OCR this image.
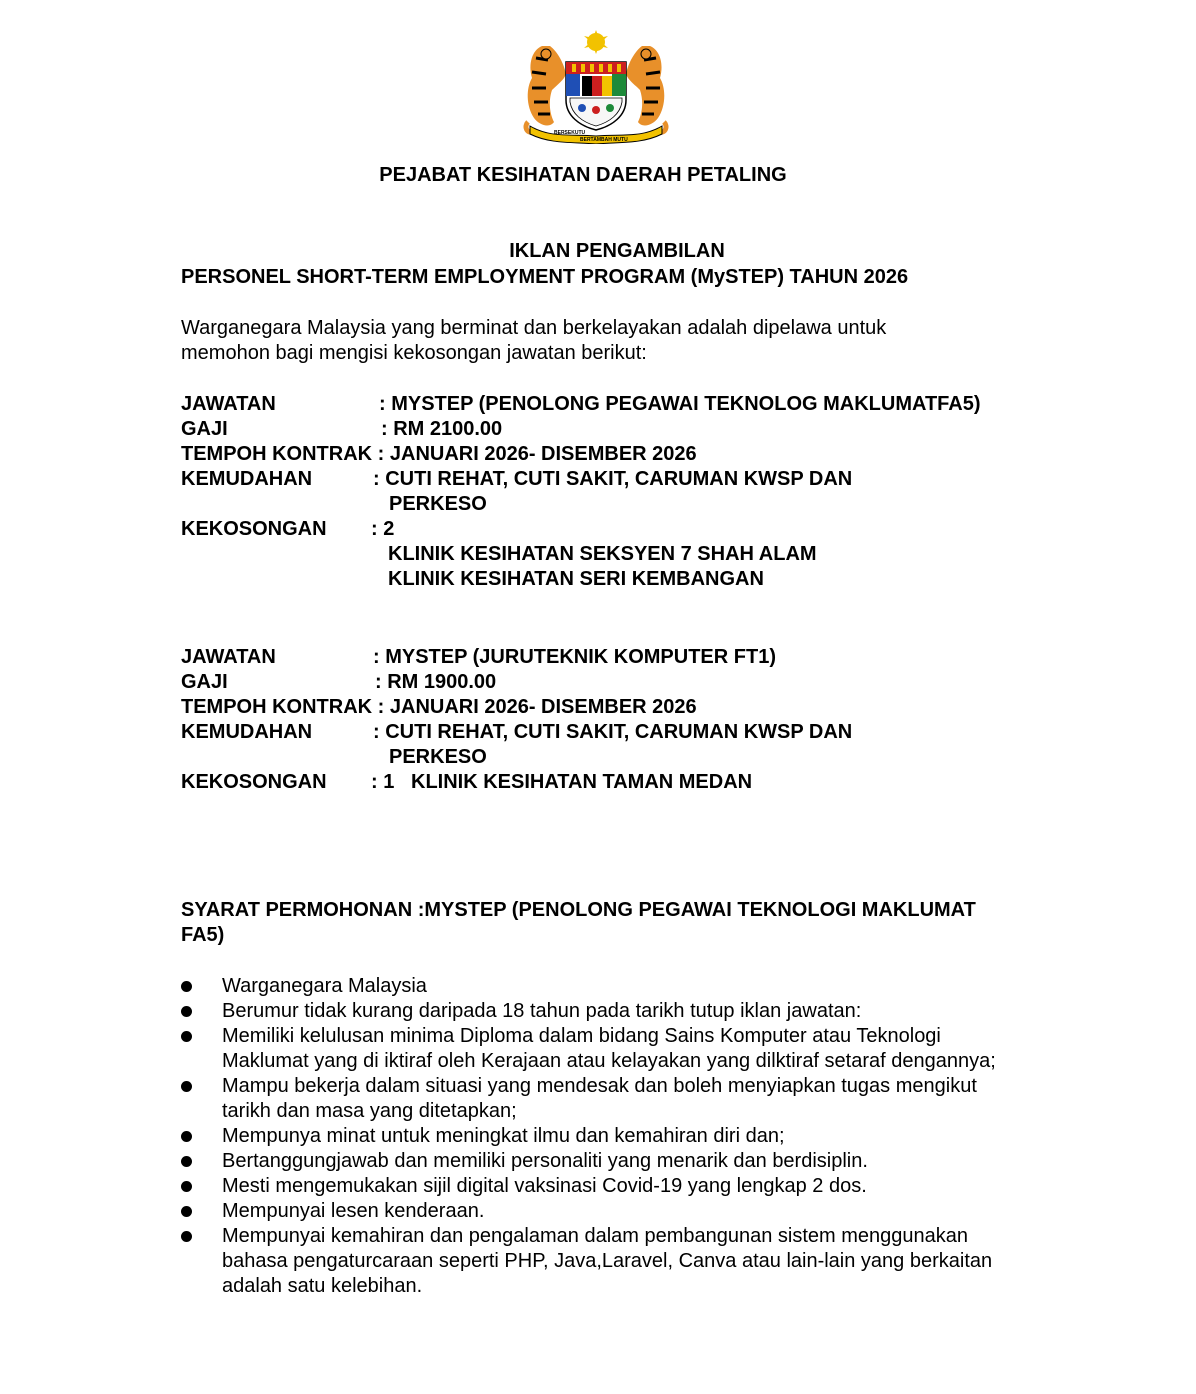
BERSEKUTU
BERTAMBAH MUTU
PEJABAT KESIHATAN DAERAH PETALING
IKLAN PENGAMBILAN
PERSONEL SHORT-TERM EMPLOYMENT PROGRAM (MySTEP) TAHUN 2026
Warganegara Malaysia yang berminat dan berkelayakan adalah dipelawa untuk
memohon bagi mengisi kekosongan jawatan berikut:
JAWATAN	: MYSTEP (PENOLONG PEGAWAI TEKNOLOG MAKLUMATFA5)
GAJI	: RM 2100.00
TEMPOH KONTRAK : JANUARI 2026- DISEMBER 2026
KEMUDAHAN	: CUTI REHAT, CUTI SAKIT, CARUMAN KWSP DAN
PERKESO
KEKOSONGAN : 2
KLINIK KESIHATAN SEKSYEN 7 SHAH ALAM
KLINIK KESIHATAN SERI KEMBANGAN
JAWATAN	: MYSTEP (JURUTEKNIK KOMPUTER FT1)
GAJI	: RM 1900.00
TEMPOH KONTRAK : JANUARI 2026- DISEMBER 2026
KEMUDAHAN	: CUTI REHAT, CUTI SAKIT, CARUMAN KWSP DAN
PERKESO
KEKOSONGAN : 1   KLINIK KESIHATAN TAMAN MEDAN
SYARAT PERMOHONAN :MYSTEP (PENOLONG PEGAWAI TEKNOLOGI MAKLUMAT FA5)
Warganegara Malaysia
Berumur tidak kurang daripada 18 tahun pada tarikh tutup iklan jawatan:
Memiliki kelulusan minima Diploma dalam bidang Sains Komputer atau Teknologi Maklumat yang di iktiraf oleh Kerajaan atau kelayakan yang dilktiraf setaraf dengannya;
Mampu bekerja dalam situasi yang mendesak dan boleh menyiapkan tugas mengikut tarikh dan masa yang ditetapkan;
Mempunya minat untuk meningkat ilmu dan kemahiran diri dan;
Bertanggungjawab dan memiliki personaliti yang menarik dan berdisiplin.
Mesti mengemukakan sijil digital vaksinasi Covid-19 yang lengkap 2 dos.
Mempunyai lesen kenderaan.
Mempunyai kemahiran dan pengalaman dalam pembangunan sistem menggunakan bahasa pengaturcaraan seperti PHP, Java,Laravel, Canva atau lain-lain yang berkaitan adalah satu kelebihan.
